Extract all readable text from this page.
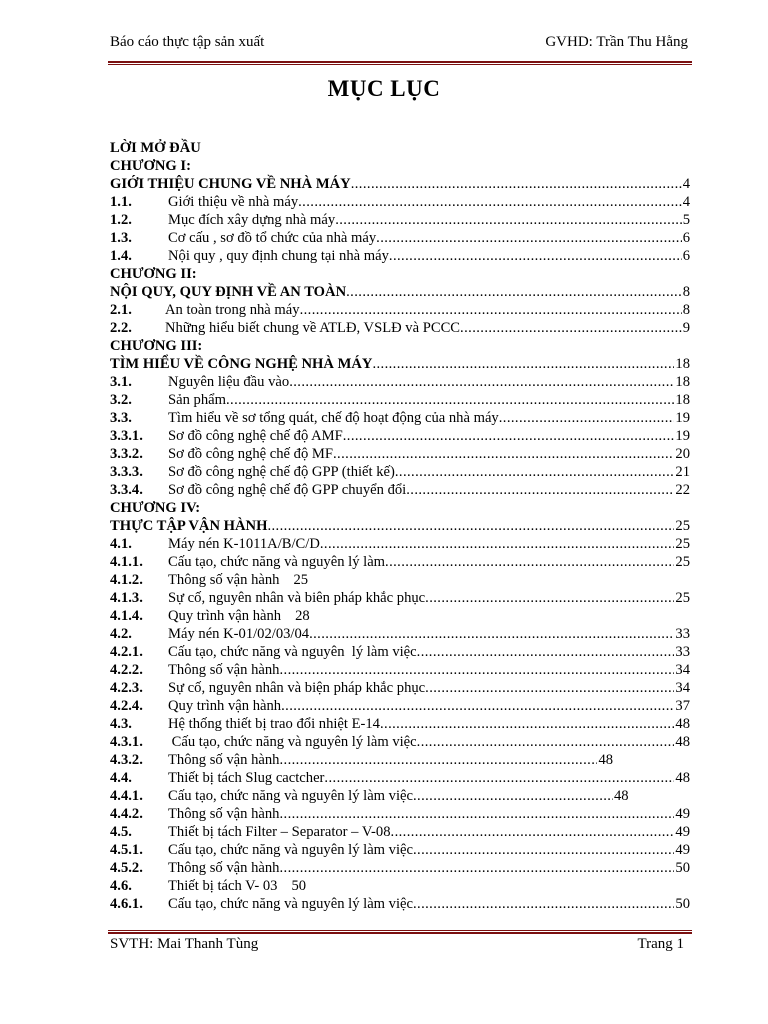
Báo cáo thực tập sản xuất	GVHD: Trần Thu Hằng
MỤC LỤC
LỜI MỞ ĐẦU
CHƯƠNG I:
GIỚI THIỆU CHUNG VỀ NHÀ MÁY .....	4
1.1.	Giới thiệu về nhà máy .....	4
1.2.	Mục đích xây dựng nhà máy .....	5
1.3.	Cơ cấu , sơ đồ tổ chức của nhà máy .....	6
1.4.	Nội quy , quy định chung tại nhà máy .....	6
CHƯƠNG II:
NỘI QUY, QUY ĐỊNH VỀ AN TOÀN .....	8
2.1.	An toàn trong nhà máy .....	8
2.2.	Những hiểu biết chung về ATLĐ, VSLĐ và PCCC .....	9
CHƯƠNG III:
TÌM HIỂU VỀ CÔNG NGHỆ NHÀ MÁY .....	18
3.1.	Nguyên liệu đầu vào .....	18
3.2.	Sản phẩm .....	18
3.3.	Tìm hiểu về sơ tổng quát, chế độ hoạt động của nhà máy .....	19
3.3.1.	Sơ đồ công nghệ chế độ AMF .....	19
3.3.2.	Sơ đồ công nghệ chế độ MF .....	20
3.3.3.	Sơ đồ công nghệ chế độ GPP (thiết kế) .....	21
3.3.4.	Sơ đồ công nghệ chế độ GPP chuyển đổi .....	22
CHƯƠNG IV:
THỰC TẬP VẬN HÀNH .....	25
4.1.	Máy nén K-1011A/B/C/D .....	25
4.1.1.	Cấu tạo, chức năng và nguyên lý làm .....	25
4.1.2.	Thông số vận hành 25
4.1.3.	Sự cố, nguyên nhân và biên pháp khắc phục .....	25
4.1.4.	Quy trình vận hành 28
4.2.	Máy nén K-01/02/03/04 .....	33
4.2.1.	Cấu tạo, chức năng và nguyên  lý làm việc .....	33
4.2.2.	Thông số vận hành .....	34
4.2.3.	Sự cố, nguyên nhân và biện pháp khắc phục .....	34
4.2.4.	Quy trình vận hành .....	37
4.3.	Hệ thống thiết bị trao đổi nhiệt E-14 .....	48
4.3.1.	Cấu tạo, chức năng và nguyên lý làm việc .....	48
4.3.2.	Thông số vận hành .....	48
4.4.	Thiết bị tách Slug cactcher .....	48
4.4.1.	Cấu tạo, chức năng và nguyên lý làm việc .....	48
4.4.2.	Thông số vận hành .....	49
4.5.	Thiết bị tách Filter – Separator – V-08 .....	49
4.5.1.	Cấu tạo, chức năng và nguyên lý làm việc .....	49
4.5.2.	Thông số vận hành .....	50
4.6.	Thiết bị tách V- 03 50
4.6.1.	Cấu tạo, chức năng và nguyên lý làm việc .....	50
SVTH: Mai Thanh Tùng	Trang 1
